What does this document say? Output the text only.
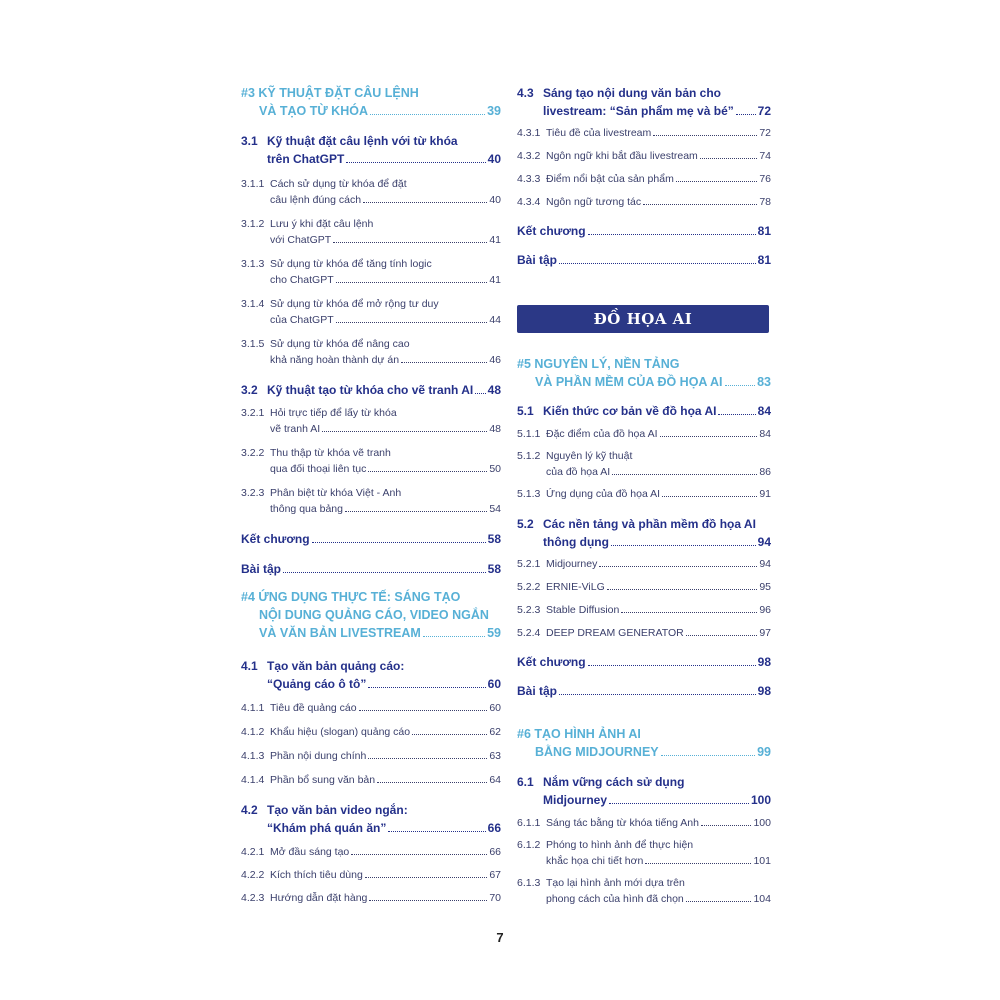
#3 KỸ THUẬT ĐẶT CÂU LỆNH
VÀ TẠO TỪ KHÓA	39
3.1 Kỹ thuật đặt câu lệnh với từ khóa
trên ChatGPT	40
3.1.1 Cách sử dụng từ khóa để đặt
câu lệnh đúng cách	40
3.1.2 Lưu ý khi đặt câu lệnh
với ChatGPT	41
3.1.3 Sử dụng từ khóa để tăng tính logic
cho ChatGPT	41
3.1.4 Sử dụng từ khóa để mở rộng tư duy
của ChatGPT	44
3.1.5 Sử dụng từ khóa để nâng cao
khả năng hoàn thành dự án	46
3.2 Kỹ thuật tạo từ khóa cho vẽ tranh AI 48
3.2.1 Hỏi trực tiếp để lấy từ khóa
vẽ tranh AI	48
3.2.2 Thu thập từ khóa vẽ tranh
qua đối thoại liên tục	50
3.2.3 Phân biệt từ khóa Việt - Anh
thông qua bảng	54
Kết chương	58
Bài tập	58
#4 ỨNG DỤNG THỰC TẾ: SÁNG TẠO
NỘI DUNG QUẢNG CÁO, VIDEO NGẮN
VÀ VĂN BẢN LIVESTREAM	59
4.1 Tạo văn bản quảng cáo:
“Quảng cáo ô tô”	60
4.1.1 Tiêu đề quảng cáo	60
4.1.2 Khẩu hiệu (slogan) quảng cáo	62
4.1.3 Phần nội dung chính	63
4.1.4 Phần bổ sung văn bản	64
4.2 Tạo văn bản video ngắn:
“Khám phá quán ăn”	66
4.2.1 Mở đầu sáng tạo	66
4.2.2 Kích thích tiêu dùng	67
4.2.3 Hướng dẫn đặt hàng	70
4.3 Sáng tạo nội dung văn bản cho
livestream: “Sản phẩm mẹ và bé” 72
4.3.1 Tiêu đề của livestream	72
4.3.2 Ngôn ngữ khi bắt đầu livestream	74
4.3.3 Điểm nổi bật của sản phẩm	76
4.3.4 Ngôn ngữ tương tác	78
Kết chương	81
Bài tập	81
#5 NGUYÊN LÝ, NỀN TẢNG
VÀ PHẦN MỀM CỦA ĐỒ HỌA AI	83
5.1 Kiến thức cơ bản về đồ họa AI	84
5.1.1 Đặc điểm của đồ họa AI	84
5.1.2 Nguyên lý kỹ thuật
của đồ họa AI	86
5.1.3 Ứng dụng của đồ họa AI	91
5.2 Các nền tảng và phần mềm đồ họa AI
thông dụng	94
5.2.1 Midjourney	94
5.2.2 ERNIE-ViLG	95
5.2.3 Stable Diffusion	96
5.2.4 DEEP DREAM GENERATOR	97
Kết chương	98
Bài tập	98
#6 TẠO HÌNH ẢNH AI
BẰNG MIDJOURNEY	99
6.1 Nắm vững cách sử dụng
Midjourney	100
6.1.1 Sáng tác bằng từ khóa tiếng Anh	100
6.1.2 Phóng to hình ảnh để thực hiện
khắc họa chi tiết hơn	101
6.1.3 Tạo lại hình ảnh mới dựa trên
phong cách của hình đã chọn	104
ĐỒ HỌA AI
7
